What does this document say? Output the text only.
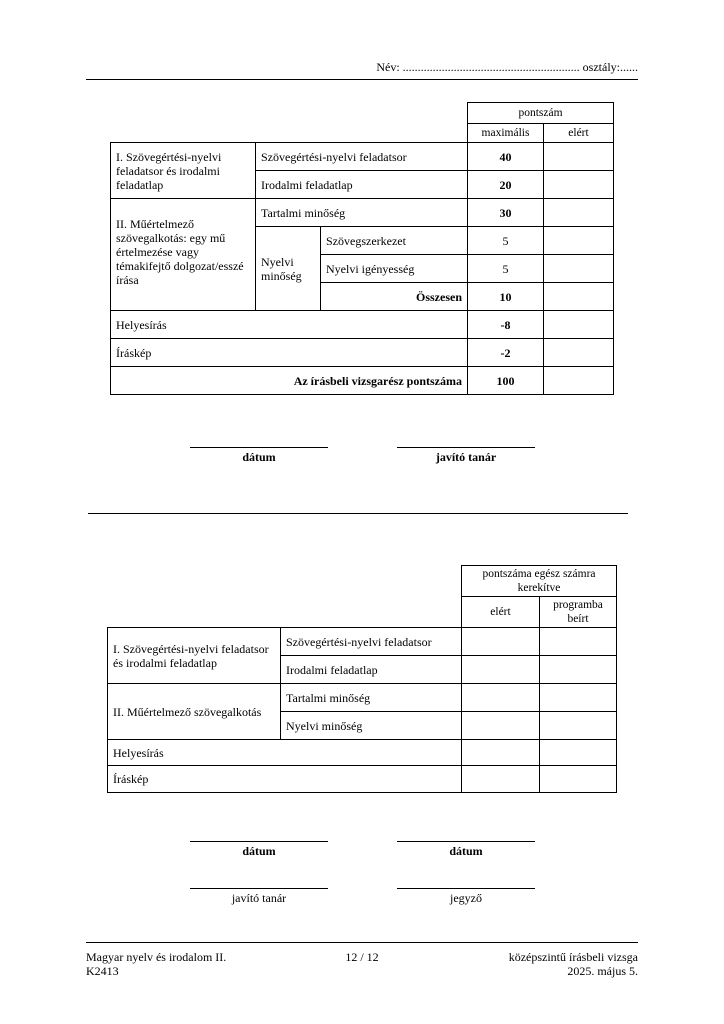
Név: ........................................................... osztály:......
			pontszám	
			maximális	elért
I. Szövegértési-nyelvi feladatsor és irodalmi feladatlap	Szövegértési-nyelvi feladatsor		40	
	Irodalmi feladatlap		20	
II. Műértelmező szövegalkotás: egy mű értelmezése vagy témakifejtő dolgozat/esszé írása	Tartalmi minőség		30	
	Nyelvi minőség	Szövegszerkezet	5	
		Nyelvi igényesség	5	
		Összesen	10	
Helyesírás			-8	
Íráskép			-2	
Az írásbeli vizsgarész pontszáma			100	
dátum	javító tanár
		pontszáma egész számra kerekítve	
		elért	programba beírt
I. Szövegértési-nyelvi feladatsor és irodalmi feladatlap	Szövegértési-nyelvi feladatsor		
	Irodalmi feladatlap		
II. Műértelmező szövegalkotás	Tartalmi minőség		
	Nyelvi minőség		
Helyesírás			
Íráskép			
dátum	dátum
javító tanár	jegyző
Magyar nyelv és irodalom II.
K2413
12 / 12	középszintű írásbeli vizsga
2025. május 5.
